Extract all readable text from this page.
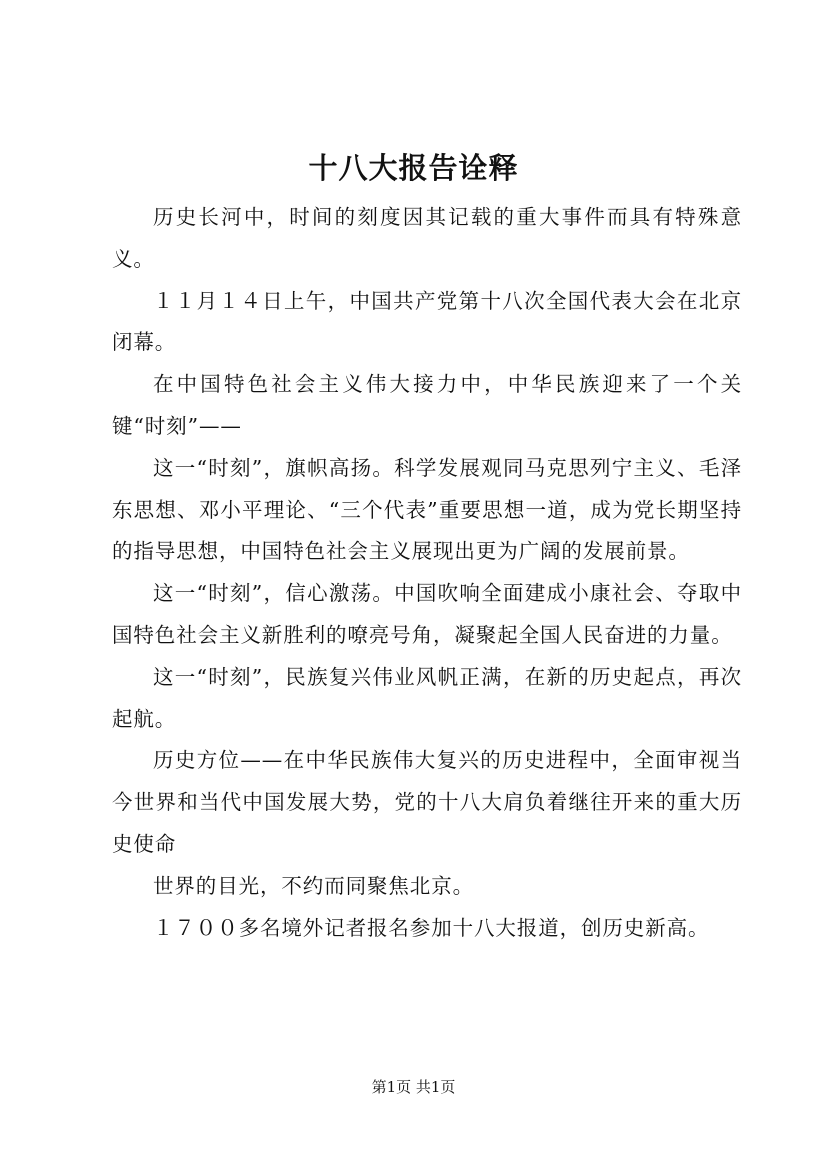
十八大报告诠释

历史长河中，时间的刻度因其记载的重大事件而具有特殊意义。

１１月１４日上午，中国共产党第十八次全国代表大会在北京闭幕。

在中国特色社会主义伟大接力中，中华民族迎来了一个关键“时刻”——

这一“时刻”，旗帜高扬。科学发展观同马克思列宁主义、毛泽东思想、邓小平理论、“三个代表”重要思想一道，成为党长期坚持的指导思想，中国特色社会主义展现出更为广阔的发展前景。

这一“时刻”，信心激荡。中国吹响全面建成小康社会、夺取中国特色社会主义新胜利的嘹亮号角，凝聚起全国人民奋进的力量。

这一“时刻”，民族复兴伟业风帆正满，在新的历史起点，再次起航。

历史方位——在中华民族伟大复兴的历史进程中，全面审视当今世界和当代中国发展大势，党的十八大肩负着继往开来的重大历史使命

世界的目光，不约而同聚焦北京。

１７００多名境外记者报名参加十八大报道，创历史新高。

第1页 共1页
